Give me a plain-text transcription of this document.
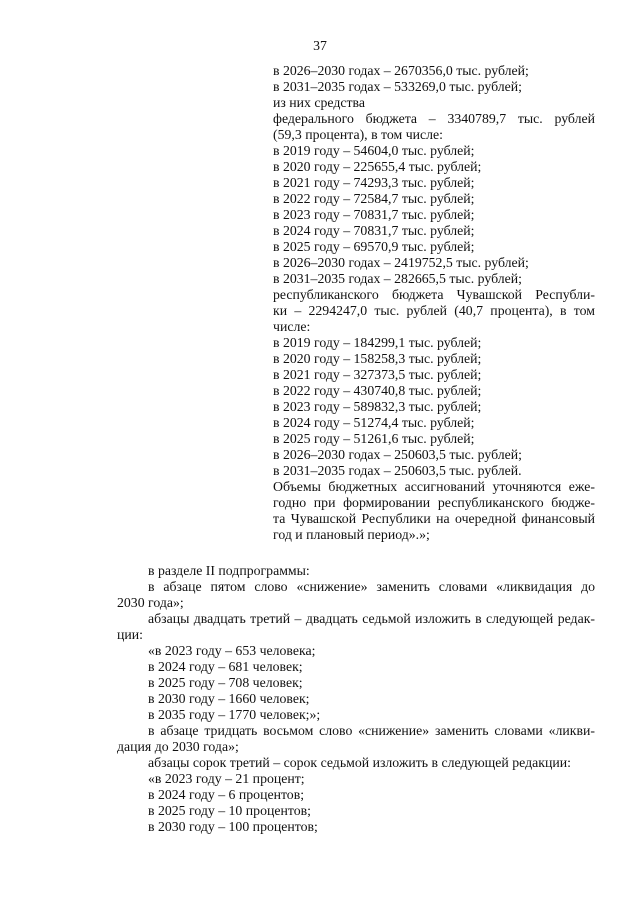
37
в 2026–2030 годах – 2670356,0 тыс. рублей;
в 2031–2035 годах – 533269,0 тыс. рублей;
из них средства
федерального бюджета – 3340789,7 тыс. рублей
(59,3 процента), в том числе:
в 2019 году – 54604,0 тыс. рублей;
в 2020 году – 225655,4 тыс. рублей;
в 2021 году – 74293,3 тыс. рублей;
в 2022 году – 72584,7 тыс. рублей;
в 2023 году – 70831,7 тыс. рублей;
в 2024 году – 70831,7 тыс. рублей;
в 2025 году – 69570,9 тыс. рублей;
в 2026–2030 годах – 2419752,5 тыс. рублей;
в 2031–2035 годах – 282665,5 тыс. рублей;
республиканского бюджета Чувашской Республи-
ки – 2294247,0 тыс. рублей (40,7 процента), в том
числе:
в 2019 году – 184299,1 тыс. рублей;
в 2020 году – 158258,3 тыс. рублей;
в 2021 году – 327373,5 тыс. рублей;
в 2022 году – 430740,8 тыс. рублей;
в 2023 году – 589832,3 тыс. рублей;
в 2024 году – 51274,4 тыс. рублей;
в 2025 году – 51261,6 тыс. рублей;
в 2026–2030 годах – 250603,5 тыс. рублей;
в 2031–2035 годах – 250603,5 тыс. рублей.
Объемы бюджетных ассигнований уточняются еже-
годно при формировании республиканского бюдже-
та Чувашской Республики на очередной финансовый
год и плановый период».»;
в разделе II подпрограммы:
в абзаце пятом слово «снижение» заменить словами «ликвидация до
2030 года»;
абзацы двадцать третий – двадцать седьмой изложить в следующей редак-
ции:
«в 2023 году – 653 человека;
в 2024 году – 681 человек;
в 2025 году – 708 человек;
в 2030 году – 1660 человек;
в 2035 году – 1770 человек;»;
в абзаце тридцать восьмом слово «снижение» заменить словами «ликви-
дация до 2030 года»;
абзацы сорок третий – сорок седьмой изложить в следующей редакции:
«в 2023 году – 21 процент;
в 2024 году – 6 процентов;
в 2025 году – 10 процентов;
в 2030 году – 100 процентов;
